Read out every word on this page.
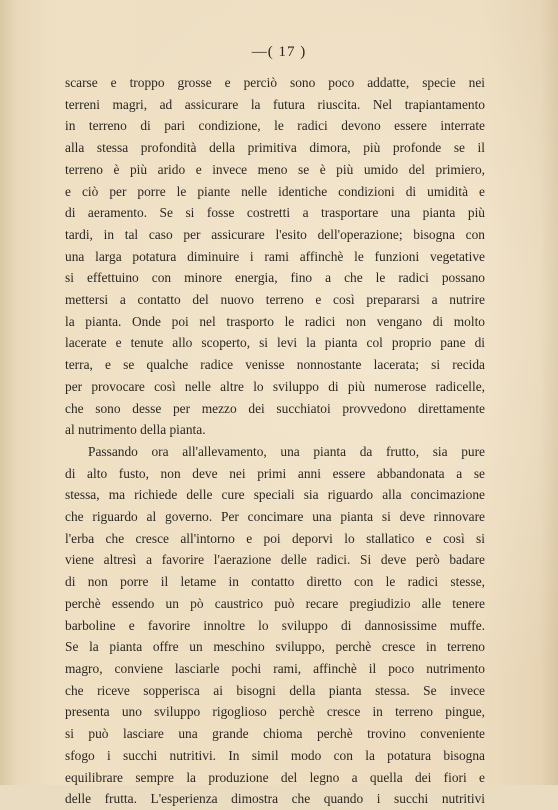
—( 17 )
scarse e troppo grosse e perciò sono poco addatte, specie nei
terreni magri, ad assicurare la futura riuscita. Nel trapiantamento
in terreno di pari condizione, le radici devono essere interrate
alla stessa profondità della primitiva dimora, più profonde se il
terreno è più arido e invece meno se è più umido del primiero,
e ciò per porre le piante nelle identiche condizioni di umidità e
di aeramento. Se si fosse costretti a trasportare una pianta più
tardi, in tal caso per assicurare l'esito dell'operazione; bisogna con
una larga potatura diminuire i rami affinchè le funzioni vegetative
si effettuino con minore energia, fino a che le radici possano
mettersi a contatto del nuovo terreno e così prepararsi a nutrire
la pianta. Onde poi nel trasporto le radici non vengano di molto
lacerate e tenute allo scoperto, si levi la pianta col proprio pane di
terra, e se qualche radice venisse nonnostante lacerata; si recida
per provocare così nelle altre lo sviluppo di più numerose radicelle,
che sono desse per mezzo dei succhiatoi provvedono direttamente
al nutrimento della pianta.
Passando ora all'allevamento, una pianta da frutto, sia pure
di alto fusto, non deve nei primi anni essere abbandonata a se
stessa, ma richiede delle cure speciali sia riguardo alla concimazione
che riguardo al governo. Per concimare una pianta si deve rinnovare
l'erba che cresce all'intorno e poi deporvi lo stallatico e così si
viene altresì a favorire l'aerazione delle radici. Si deve però badare
di non porre il letame in contatto diretto con le radici stesse,
perchè essendo un pò caustrico può recare pregiudizio alle tenere
barboline e favorire innoltre lo sviluppo di dannosissime muffe.
Se la pianta offre un meschino sviluppo, perchè cresce in terreno
magro, conviene lasciarle pochi rami, affinchè il poco nutrimento
che riceve sopperisca ai bisogni della pianta stessa. Se invece
presenta uno sviluppo rigoglioso perchè cresce in terreno pingue,
si può lasciare una grande chioma perchè trovino conveniente
sfogo i succhi nutritivi. In simil modo con la potatura bisogna
equilibrare sempre la produzione del legno a quella dei fiori e
delle frutta. L'esperienza dimostra che quando i succhi nutritivi
